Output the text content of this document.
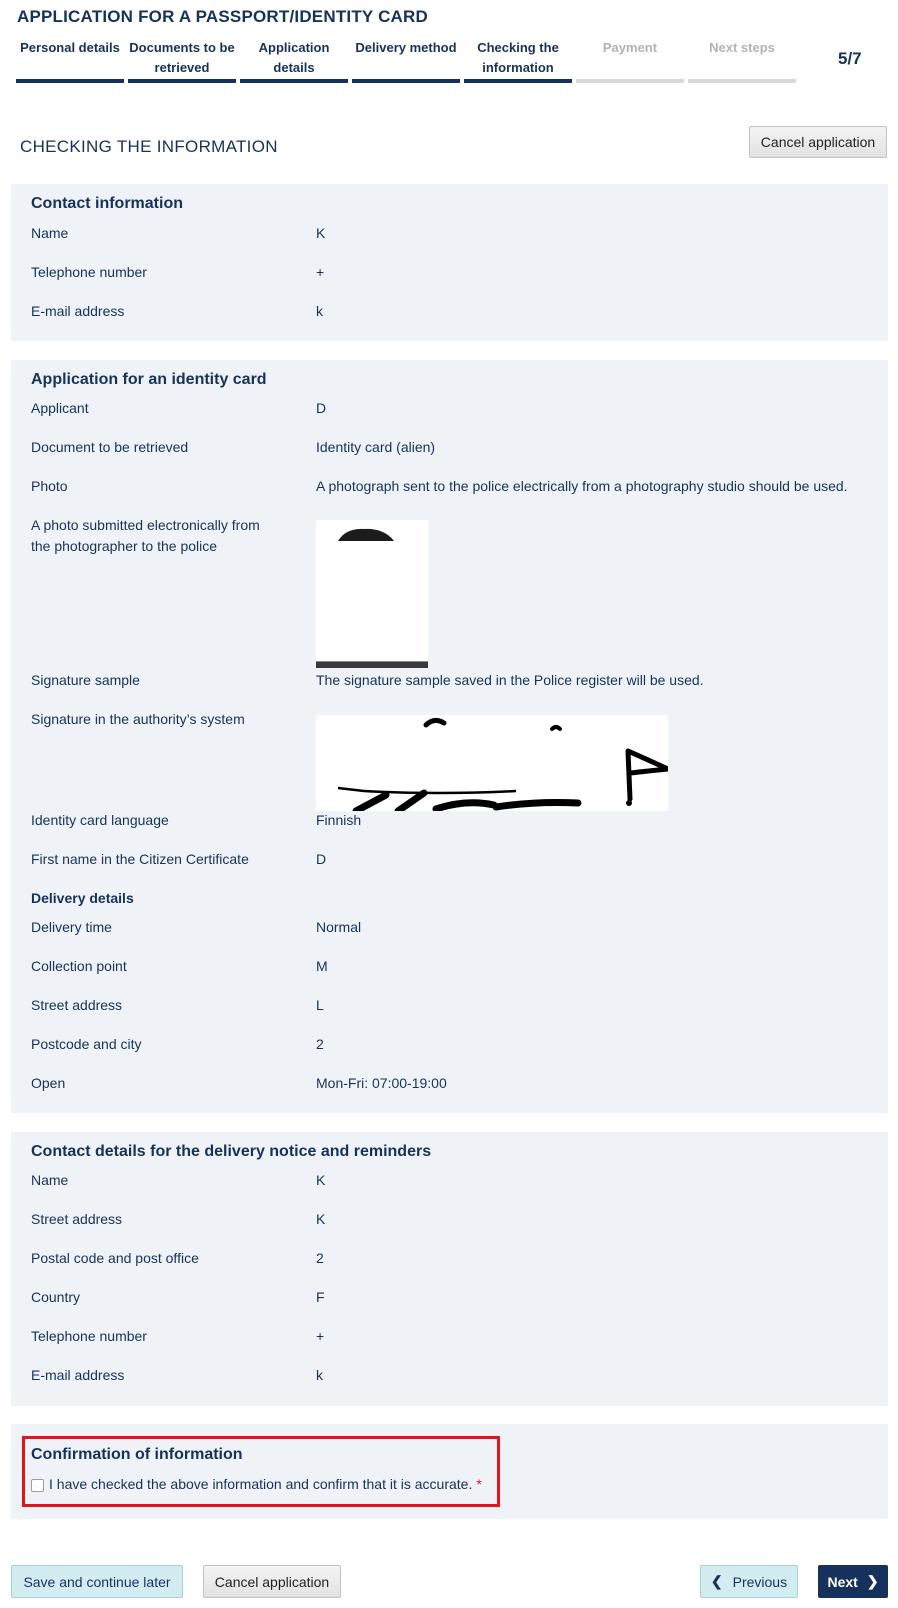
APPLICATION FOR A PASSPORT/IDENTITY CARD
Personal details Documents to be retrieved
Application details
Delivery method	Checking the information
Payment	Next steps
5/7
CHECKING THE INFORMATION	Cancel application
Contact information
Name	K
Telephone number	+
E-mail address	k
Application for an identity card
Applicant	D
Document to be retrieved	Identity card (alien)
Photo	A photograph sent to the police electrically from a photography studio should be used.
A photo submitted electronically from the photographer to the police
Signature sample	The signature sample saved in the Police register will be used.
Signature in the authority’s system
Identity card language	Finnish
First name in the Citizen Certificate	D
Delivery details
Delivery time	Normal
Collection point	M
Street address	L
Postcode and city	2
Open	Mon-Fri: 07:00-19:00
Contact details for the delivery notice and reminders
Name	K
Street address	K
Postal code and post office	2
Country	F
Telephone number	+
E-mail address	k
Confirmation of information
I have checked the above information and confirm that it is accurate. *
Save and continue later	Cancel application	❮ Previous	Next ❯
